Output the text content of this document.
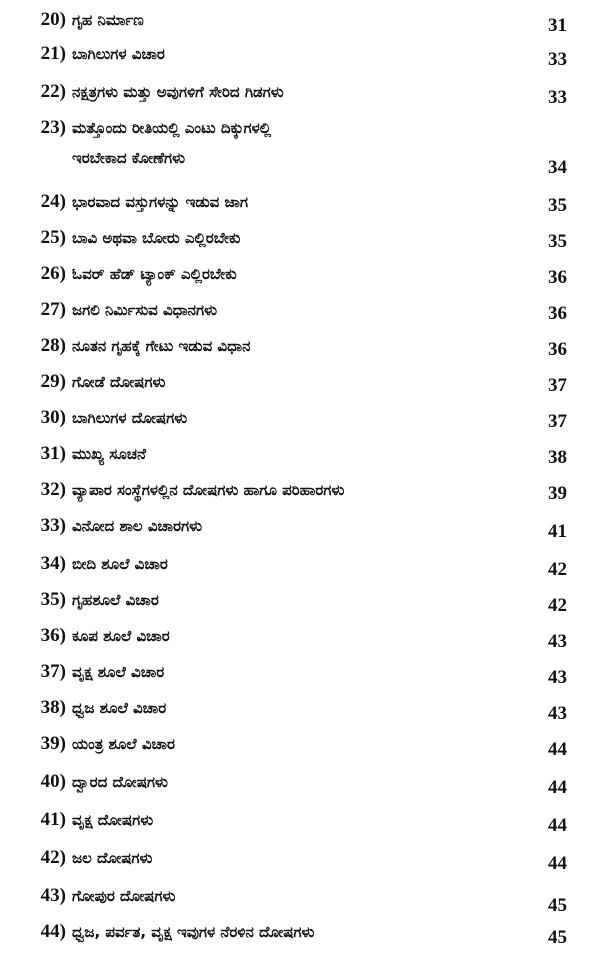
20) ಗೃಹ ನಿರ್ಮಾಣ	31
21) ಬಾಗಿಲುಗಳ ವಿಚಾರ	33
22) ನಕ್ಷತ್ರಗಳು ಮತ್ತು ಅವುಗಳಿಗೆ ಸೇರಿದ ಗಿಡಗಳು	33
23) ಮತ್ತೊಂದು ರೀತಿಯಲ್ಲಿ ಎಂಟು ದಿಕ್ಕುಗಳಲ್ಲಿ
ಇರಬೇಕಾದ ಕೋಣೆಗಳು	34
24) ಭಾರವಾದ ವಸ್ತುಗಳನ್ನು ಇಡುವ ಜಾಗ	35
25) ಬಾವಿ ಅಥವಾ ಬೋರು ಎಲ್ಲಿರಬೇಕು	35
26) ಓವರ್ ಹೆಡ್ ಟ್ಯಾಂಕ್ ಎಲ್ಲಿರಬೇಕು	36
27) ಜಗಲಿ ನಿರ್ಮಿಸುವ ವಿಧಾನಗಳು	36
28) ನೂತನ ಗೃಹಕ್ಕೆ ಗೇಟು ಇಡುವ ವಿಧಾನ	36
29) ಗೋಡೆ ದೋಷಗಳು	37
30) ಬಾಗಿಲುಗಳ ದೋಷಗಳು	37
31) ಮುಖ್ಯ ಸೂಚನೆ	38
32) ವ್ಯಾಪಾರ ಸಂಸ್ಥೆಗಳಲ್ಲಿನ ದೋಷಗಳು ಹಾಗೂ ಪರಿಹಾರಗಳು	39
33) ವಿನೋದ ಶಾಲ ವಿಚಾರಗಳು	41
34) ಬೀದಿ ಶೂಲೆ ವಿಚಾರ	42
35) ಗೃಹಶೂಲೆ ವಿಚಾರ	42
36) ಕೂಪ ಶೂಲೆ ವಿಚಾರ	43
37) ವೃಕ್ಷ ಶೂಲೆ ವಿಚಾರ	43
38) ಧ್ವಜ ಶೂಲೆ ವಿಚಾರ	43
39) ಯಂತ್ರ ಶೂಲೆ ವಿಚಾರ	44
40) ದ್ವಾರದ ದೋಷಗಳು	44
41) ವೃಕ್ಷ ದೋಷಗಳು	44
42) ಜಲ ದೋಷಗಳು	44
43) ಗೋಪುರ ದೋಷಗಳು	45
44) ಧ್ವಜ, ಪರ್ವತ, ವೃಕ್ಷ ಇವುಗಳ ನೆರಳಿನ ದೋಷಗಳು	45
